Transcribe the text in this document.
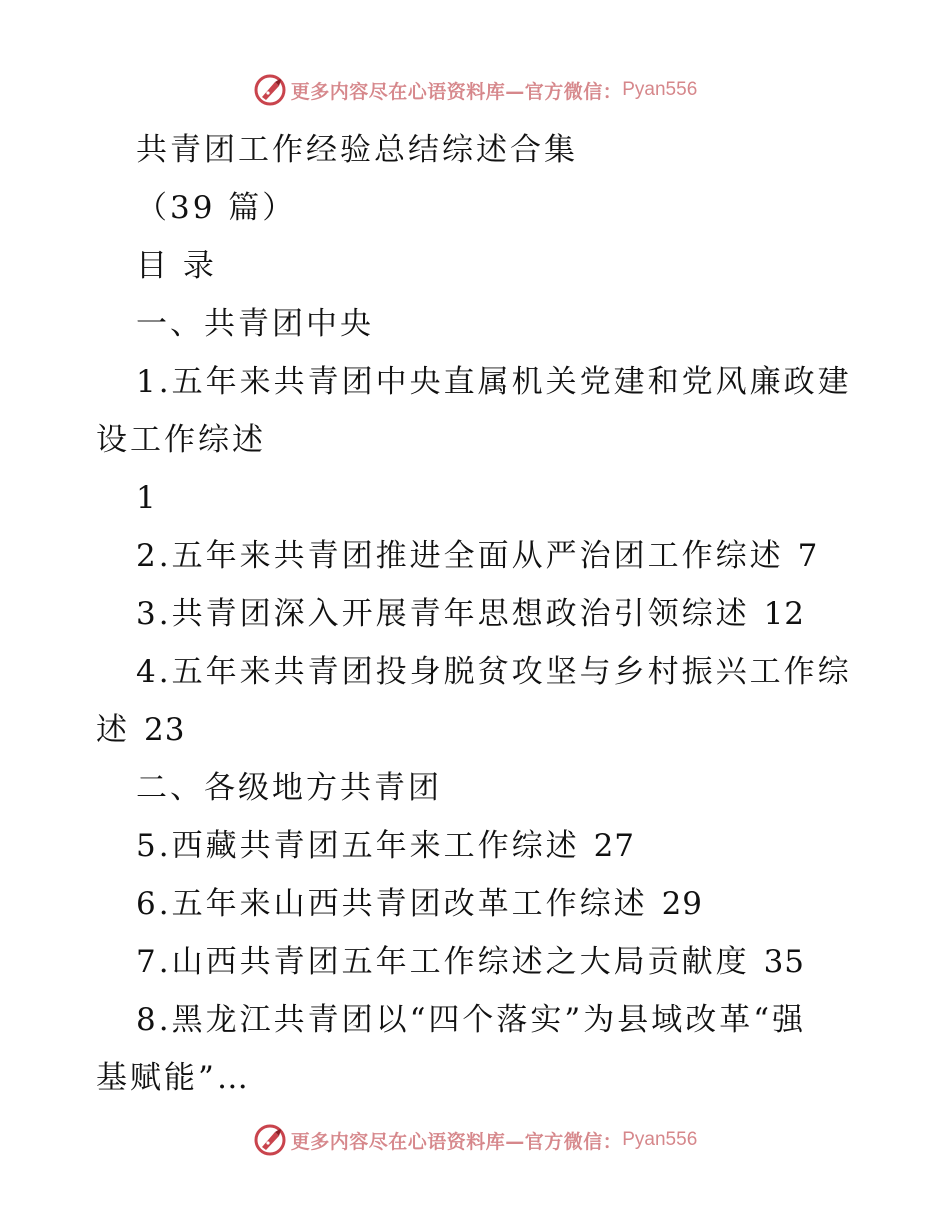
更多内容尽在心语资料库—官方微信： Pyan556
共青团工作经验总结综述合集
（39 篇）
目 录
一、共青团中央
1.五年来共青团中央直属机关党建和党风廉政建
设工作综述
1
2.五年来共青团推进全面从严治团工作综述 7
3.共青团深入开展青年思想政治引领综述 12
4.五年来共青团投身脱贫攻坚与乡村振兴工作综
述 23
二、各级地方共青团
5.西藏共青团五年来工作综述 27
6.五年来山西共青团改革工作综述 29
7.山西共青团五年工作综述之大局贡献度 35
8.黑龙江共青团以“四个落实”为县域改革“强
基赋能”…
更多内容尽在心语资料库—官方微信： Pyan556
